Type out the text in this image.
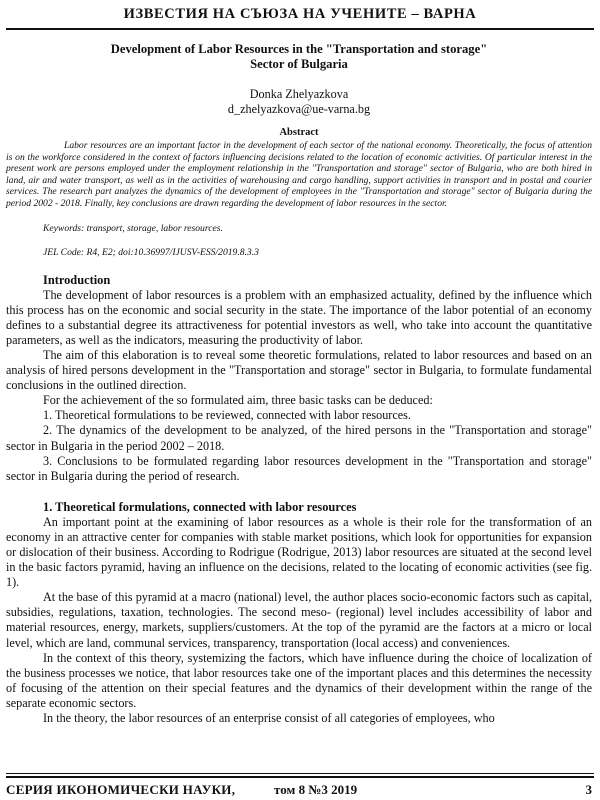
ИЗВЕСТИЯ НА СЪЮЗА НА УЧЕНИТЕ – ВАРНА
Development of Labor Resources in the "Transportation and storage"
Sector of Bulgaria
Donka Zhelyazkova
d_zhelyazkova@ue-varna.bg
Abstract
Labor resources are an important factor in the development of each sector of the national economy. Theoretically, the focus of attention is on the workforce considered in the context of factors influencing decisions related to the location of economic activities. Of particular interest in the present work are persons employed under the employment relationship in the "Transportation and storage" sector of Bulgaria, who are both hired in land, air and water transport, as well as in the activities of warehousing and cargo handling, support activities in transport and in postal and courier services. The research part analyzes the dynamics of the development of employees in the "Transportation and storage" sector of Bulgaria during the period 2002 - 2018. Finally, key conclusions are drawn regarding the development of labor resources in the sector.
Keywords: transport, storage, labor resources.
JEL Code: R4, E2; doi:10.36997/IJUSV-ESS/2019.8.3.3
Introduction

The development of labor resources is a problem with an emphasized actuality, defined by the influence which this process has on the economic and social security in the state. The importance of the labor potential of an economy defines to a substantial degree its attractiveness for potential investors as well, who take into account the quantitative parameters, as well as the indicators, measuring the productivity of labor.

The aim of this elaboration is to reveal some theoretic formulations, related to labor resources and based on an analysis of hired persons development in the "Transportation and storage" sector in Bulgaria, to formulate fundamental conclusions in the outlined direction.

For the achievement of the so formulated aim, three basic tasks can be deduced:

1. Theoretical formulations to be reviewed, connected with labor resources.

2. The dynamics of the development to be analyzed, of the hired persons in the "Transportation and storage" sector in Bulgaria in the period 2002 – 2018.

3. Conclusions to be formulated regarding labor resources development in the "Transportation and storage" sector in Bulgaria during the period of research.

1. Theoretical formulations, connected with labor resources

An important point at the examining of labor resources as a whole is their role for the transformation of an economy in an attractive center for companies with stable market positions, which look for opportunities for expansion or dislocation of their business. According to Rodrigue (Rodrigue, 2013) labor resources are situated at the second level in the basic factors pyramid, having an influence on the decisions, related to the locating of economic activities (see fig. 1).

At the base of this pyramid at a macro (national) level, the author places socio-economic factors such as capital, subsidies, regulations, taxation, technologies. The second meso- (regional) level includes accessibility of labor and material resources, energy, markets, suppliers/customers. At the top of the pyramid are the factors at a micro or local level, which are land, communal services, transparency, transportation (local access) and conveniences.

In the context of this theory, systemizing the factors, which have influence during the choice of localization of the business processes we notice, that labor resources take one of the important places and this determines the necessity of focusing of the attention on their special features and the dynamics of their development within the range of the separate economic sectors.

In the theory, the labor resources of an enterprise consist of all categories of employees, who

СЕРИЯ ИКОНОМИЧЕСКИ НАУКИ,	том 8 №3 2019	3
